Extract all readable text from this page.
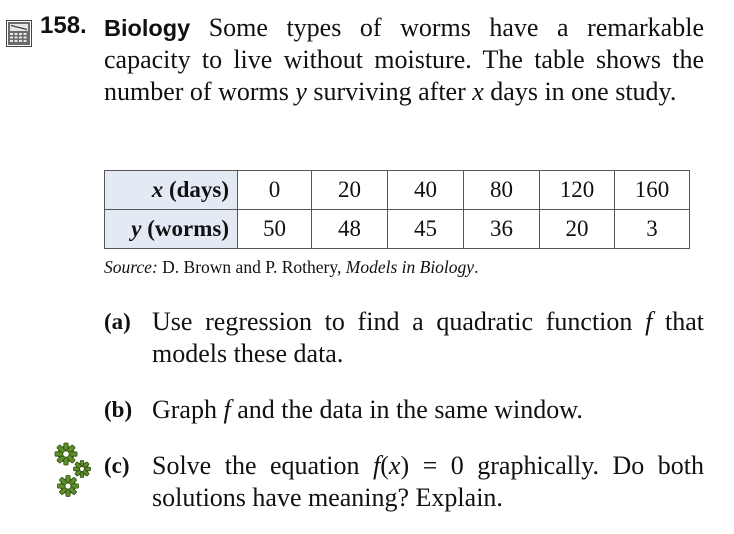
158. Biology Some types of worms have a remarkable capacity to live without moisture. The table shows the number of worms y surviving after x days in one study.
x (days)	0	20	40	80	120	160
y (worms)	50	48	45	36	20	3
Source: D. Brown and P. Rothery, Models in Biology.
(a) Use regression to find a quadratic function f that models these data.
(b) Graph f and the data in the same window.
(c) Solve the equation f(x) = 0 graphically. Do both solutions have meaning? Explain.
